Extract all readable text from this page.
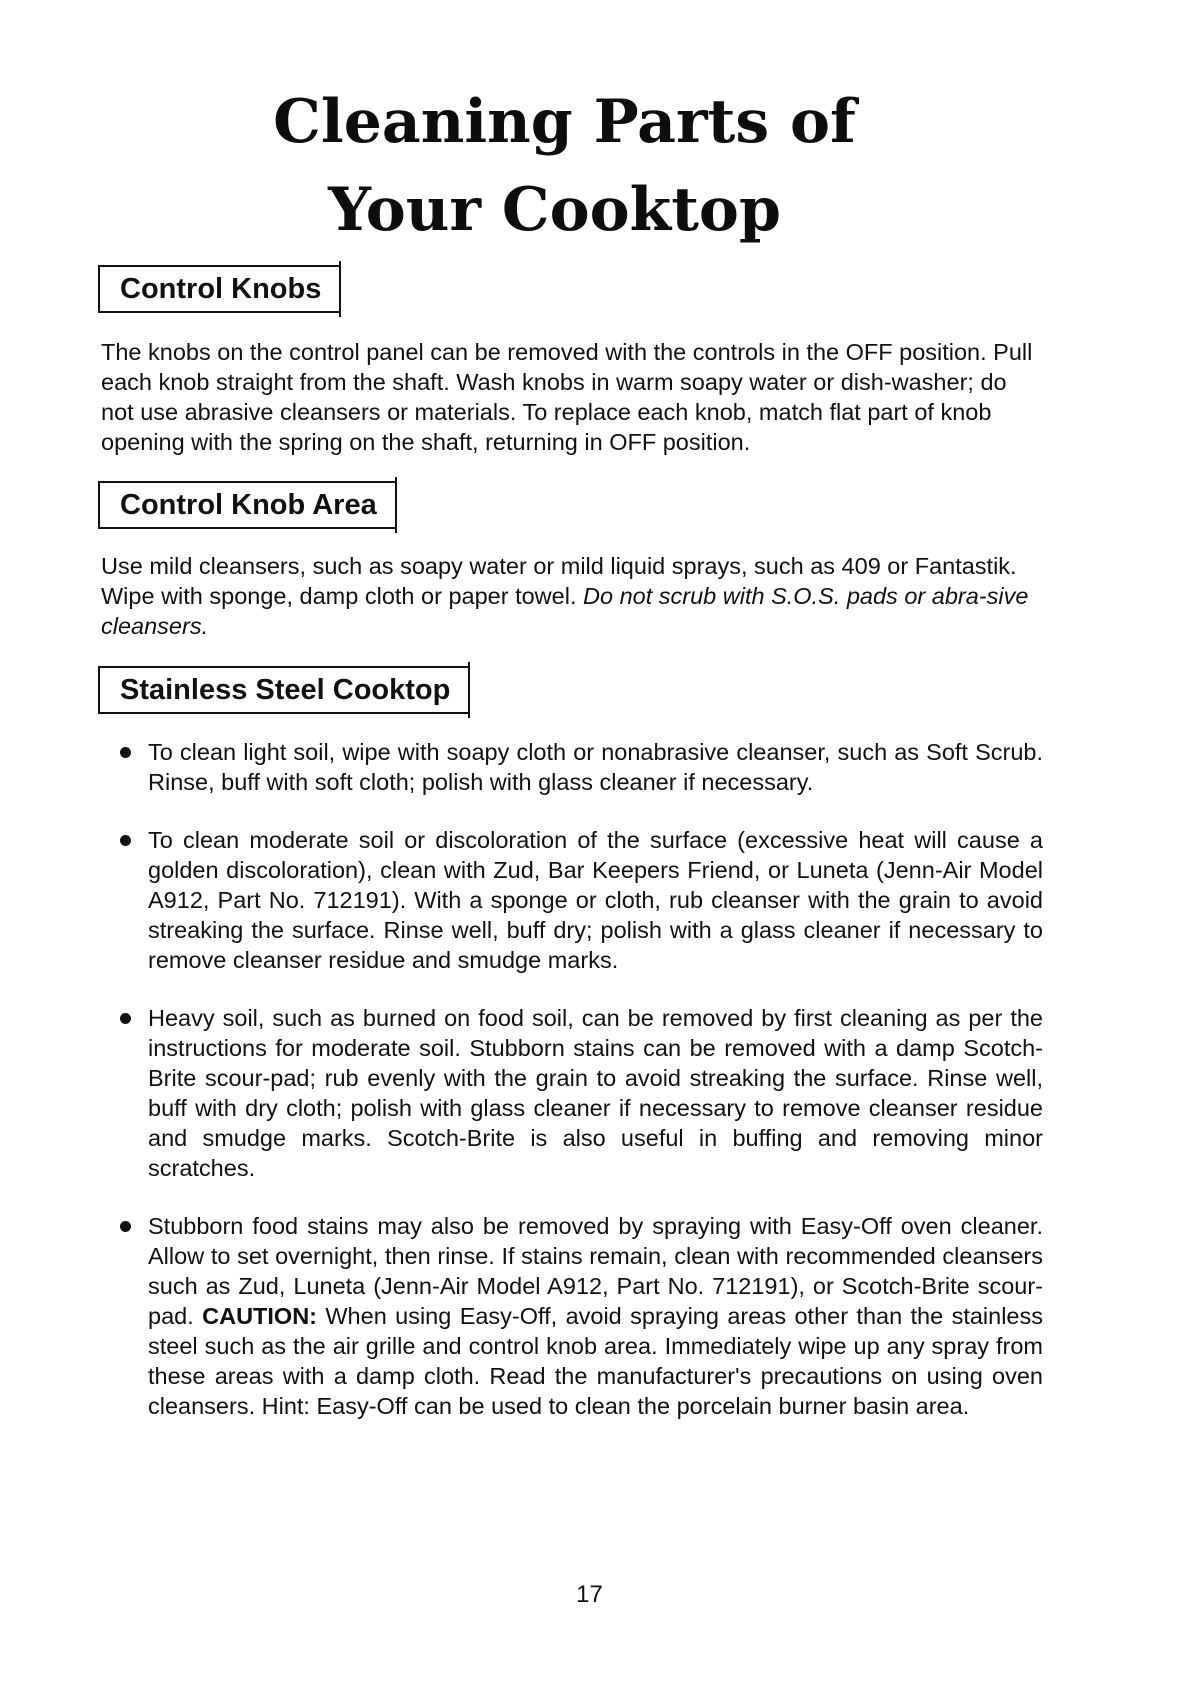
Cleaning Parts of
Your Cooktop
Control Knobs

The knobs on the control panel can be removed with the controls in the OFF position. Pull each knob straight from the shaft. Wash knobs in warm soapy water or dish-washer; do not use abrasive cleansers or materials. To replace each knob, match flat part of knob opening with the spring on the shaft, returning in OFF position.

Control Knob Area

Use mild cleansers, such as soapy water or mild liquid sprays, such as 409 or Fantastik. Wipe with sponge, damp cloth or paper towel. Do not scrub with S.O.S. pads or abra-sive cleansers.

Stainless Steel Cooktop
To clean light soil, wipe with soapy cloth or nonabrasive cleanser, such as Soft Scrub. Rinse, buff with soft cloth; polish with glass cleaner if necessary.
To clean moderate soil or discoloration of the surface (excessive heat will cause a golden discoloration), clean with Zud, Bar Keepers Friend, or Luneta (Jenn-Air Model A912, Part No. 712191). With a sponge or cloth, rub cleanser with the grain to avoid streaking the surface. Rinse well, buff dry; polish with a glass cleaner if necessary to remove cleanser residue and smudge marks.
Heavy soil, such as burned on food soil, can be removed by first cleaning as per the instructions for moderate soil. Stubborn stains can be removed with a damp Scotch-Brite scour-pad; rub evenly with the grain to avoid streaking the surface. Rinse well, buff with dry cloth; polish with glass cleaner if necessary to remove cleanser residue and smudge marks. Scotch-Brite is also useful in buffing and removing minor scratches.
Stubborn food stains may also be removed by spraying with Easy-Off oven cleaner. Allow to set overnight, then rinse. If stains remain, clean with recommended cleansers such as Zud, Luneta (Jenn-Air Model A912, Part No. 712191), or Scotch-Brite scour-pad. CAUTION: When using Easy-Off, avoid spraying areas other than the stainless steel such as the air grille and control knob area. Immediately wipe up any spray from these areas with a damp cloth. Read the manufacturer's precautions on using oven cleansers. Hint: Easy-Off can be used to clean the porcelain burner basin area.
17
